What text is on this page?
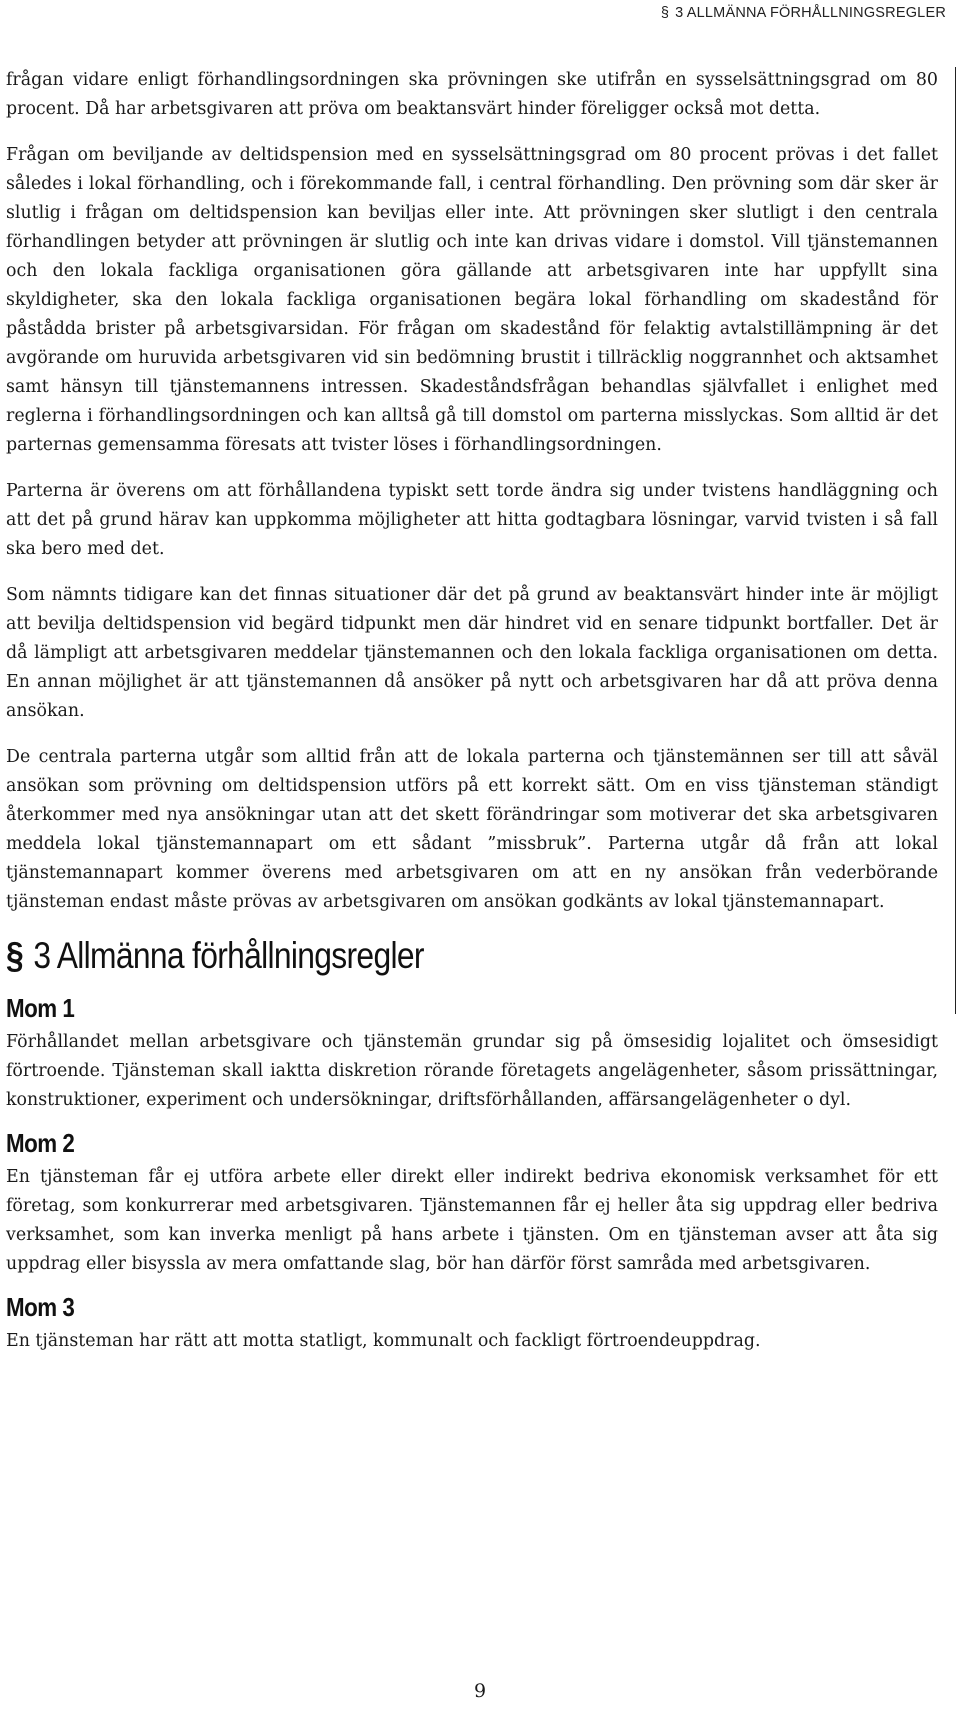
§ 3 ALLMÄNNA FÖRHÅLLNINGSREGLER

frågan vidare enligt förhandlingsordningen ska prövningen ske utifrån en sysselsättningsgrad om 80 procent. Då har arbetsgivaren att pröva om beaktansvärt hinder föreligger också mot detta.

Frågan om beviljande av deltidspension med en sysselsättningsgrad om 80 procent prövas i det fallet således i lokal förhandling, och i förekommande fall, i central förhandling. Den prövning som där sker är slutlig i frågan om deltidspension kan beviljas eller inte. Att prövningen sker slutligt i den centrala förhandlingen betyder att prövningen är slutlig och inte kan drivas vidare i domstol. Vill tjänstemannen och den lokala fackliga organisationen göra gällande att arbetsgivaren inte har uppfyllt sina skyldigheter, ska den lokala fackliga organisationen begära lokal förhandling om skadestånd för påstådda brister på arbetsgivarsidan. För frågan om skadestånd för felaktig avtalstillämpning är det avgörande om huruvida arbetsgivaren vid sin bedömning brustit i tillräcklig noggrannhet och aktsamhet samt hänsyn till tjänstemannens intressen. Skadeståndsfrågan behandlas självfallet i enlighet med reglerna i förhandlingsordningen och kan alltså gå till domstol om parterna misslyckas. Som alltid är det parternas gemensamma föresats att tvister löses i förhandlingsordningen.

Parterna är överens om att förhållandena typiskt sett torde ändra sig under tvistens handläggning och att det på grund härav kan uppkomma möjligheter att hitta godtagbara lösningar, varvid tvisten i så fall ska bero med det.

Som nämnts tidigare kan det finnas situationer där det på grund av beaktansvärt hinder inte är möjligt att bevilja deltidspension vid begärd tidpunkt men där hindret vid en senare tidpunkt bortfaller. Det är då lämpligt att arbetsgivaren meddelar tjänstemannen och den lokala fackliga organisationen om detta. En annan möjlighet är att tjänstemannen då ansöker på nytt och arbetsgivaren har då att pröva denna ansökan.

De centrala parterna utgår som alltid från att de lokala parterna och tjänstemännen ser till att såväl ansökan som prövning om deltidspension utförs på ett korrekt sätt. Om en viss tjänsteman ständigt återkommer med nya ansökningar utan att det skett förändringar som motiverar det ska arbetsgivaren meddela lokal tjänstemannapart om ett sådant ”missbruk”. Parterna utgår då från att lokal tjänstemannapart kommer överens med arbetsgivaren om att en ny ansökan från vederbörande tjänsteman endast måste prövas av arbetsgivaren om ansökan godkänts av lokal tjänstemannapart.

§ 3 Allmänna förhållningsregler
Mom 1

Förhållandet mellan arbetsgivare och tjänstemän grundar sig på ömsesidig lojalitet och ömsesidigt förtroende. Tjänsteman skall iaktta diskretion rörande företagets angelägenheter, såsom prissättningar, konstruktioner, experiment och undersökningar, driftsförhållanden, affärsangelägenheter o dyl.

Mom 2

En tjänsteman får ej utföra arbete eller direkt eller indirekt bedriva ekonomisk verksamhet för ett företag, som konkurrerar med arbetsgivaren. Tjänstemannen får ej heller åta sig uppdrag eller bedriva verksamhet, som kan inverka menligt på hans arbete i tjänsten. Om en tjänsteman avser att åta sig uppdrag eller bisyssla av mera omfattande slag, bör han därför först samråda med arbetsgivaren.

Mom 3

En tjänsteman har rätt att motta statligt, kommunalt och fackligt förtroendeuppdrag.

9
